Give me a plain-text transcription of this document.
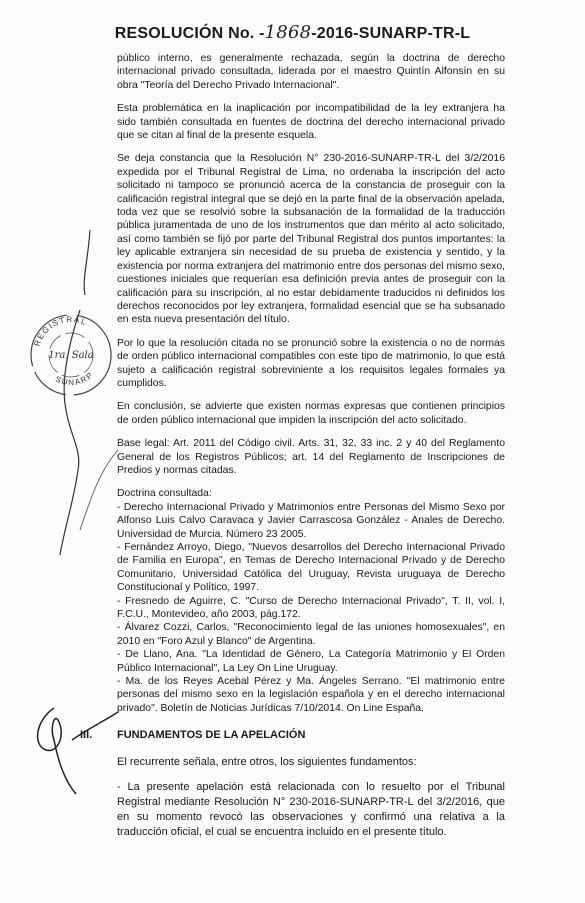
RESOLUCIÓN No. -1868-2016-SUNARP-TR-L
REGISTRAL
1ra. Sala
SUNARP

público interno, es generalmente rechazada, según la doctrina de derecho internacional privado consultada, liderada por el maestro Quintín Alfonsín en su obra "Teoría del Derecho Privado Internacional".

Esta problemática en la inaplicación por incompatibilidad de la ley extranjera ha sido también consultada en fuentes de doctrina del derecho internacional privado que se citan al final de la presente esquela.

Se deja constancia que la Resolución N° 230-2016-SUNARP-TR-L del 3/2/2016 expedida por el Tribunal Registral de Lima, no ordenaba la inscripción del acto solicitado ni tampoco se pronunció acerca de la constancia de proseguir con la calificación registral integral que se dejó en la parte final de la observación apelada, toda vez que se resolvió sobre la subsanación de la formalidad de la traducción pública juramentada de uno de los instrumentos que dan mérito al acto solicitado, así como también se fijó por parte del Tribunal Registral dos puntos importantes: la ley aplicable extranjera sin necesidad de su prueba de existencia y sentido, y la existencia por norma extranjera del matrimonio entre dos personas del mismo sexo, cuestiones iniciales que requerían esa definición previa antes de proseguir con la calificación para su inscripción, al no estar debidamente traducidos ni definidos los derechos reconocidos por ley extranjera, formalidad esencial que se ha subsanado en esta nueva presentación del título.

Por lo que la resolución citada no se pronunció sobre la existencia o no de normas de orden público internacional compatibles con este tipo de matrimonio, lo que está sujeto a calificación registral sobreviniente a los requisitos legales formales ya cumplidos.

En conclusión, se advierte que existen normas expresas que contienen principios de orden público internacional que impiden la inscripción del acto solicitado.

Base legal: Art. 2011 del Código civil. Arts. 31, 32, 33 inc. 2 y 40 del Reglamento General de los Registros Públicos; art. 14 del Reglamento de Inscripciones de Predios y normas citadas.

Doctrina consultada:

- Derecho Internacional Privado y Matrimonios entre Personas del Mismo Sexo por Alfonso Luis Calvo Caravaca y Javier Carrascosa González - Anales de Derecho. Universidad de Murcia. Número 23 2005.

- Fernández Arroyo, Diego, "Nuevos desarrollos del Derecho Internacional Privado de Familia en Europa", en Temas de Derecho Internacional Privado y de Derecho Comunitario, Universidad Católica del Uruguay, Revista uruguaya de Derecho Constitucional y Político, 1997.

- Fresnedo de Aguirre, C. "Curso de Derecho Internacional Privado", T. II, vol. I, F.C.U., Montevideo, año 2003, pág.172.

- Álvarez Cozzi, Carlos, "Reconocimiento legal de las uniones homosexuales", en 2010 en "Foro Azul y Blanco" de Argentina.

- De Llano, Ana. "La Identidad de Género, La Categoría Matrimonio y El Orden Público Internacional", La Ley On Line Uruguay.

- Ma. de los Reyes Acebal Pérez y Ma. Ángeles Serrano. "El matrimonio entre personas del mismo sexo en la legislación española y en el derecho internacional privado". Boletín de Noticias Jurídicas 7/10/2014. On Line España.

III. FUNDAMENTOS DE LA APELACIÓN

El recurrente señala, entre otros, los siguientes fundamentos:

- La presente apelación está relacionada con lo resuelto por el Tribunal Registral mediante Resolución N° 230-2016-SUNARP-TR-L del 3/2/2016, que en su momento revocó las observaciones y confirmó una relativa a la traducción oficial, el cual se encuentra incluido en el presente título.
